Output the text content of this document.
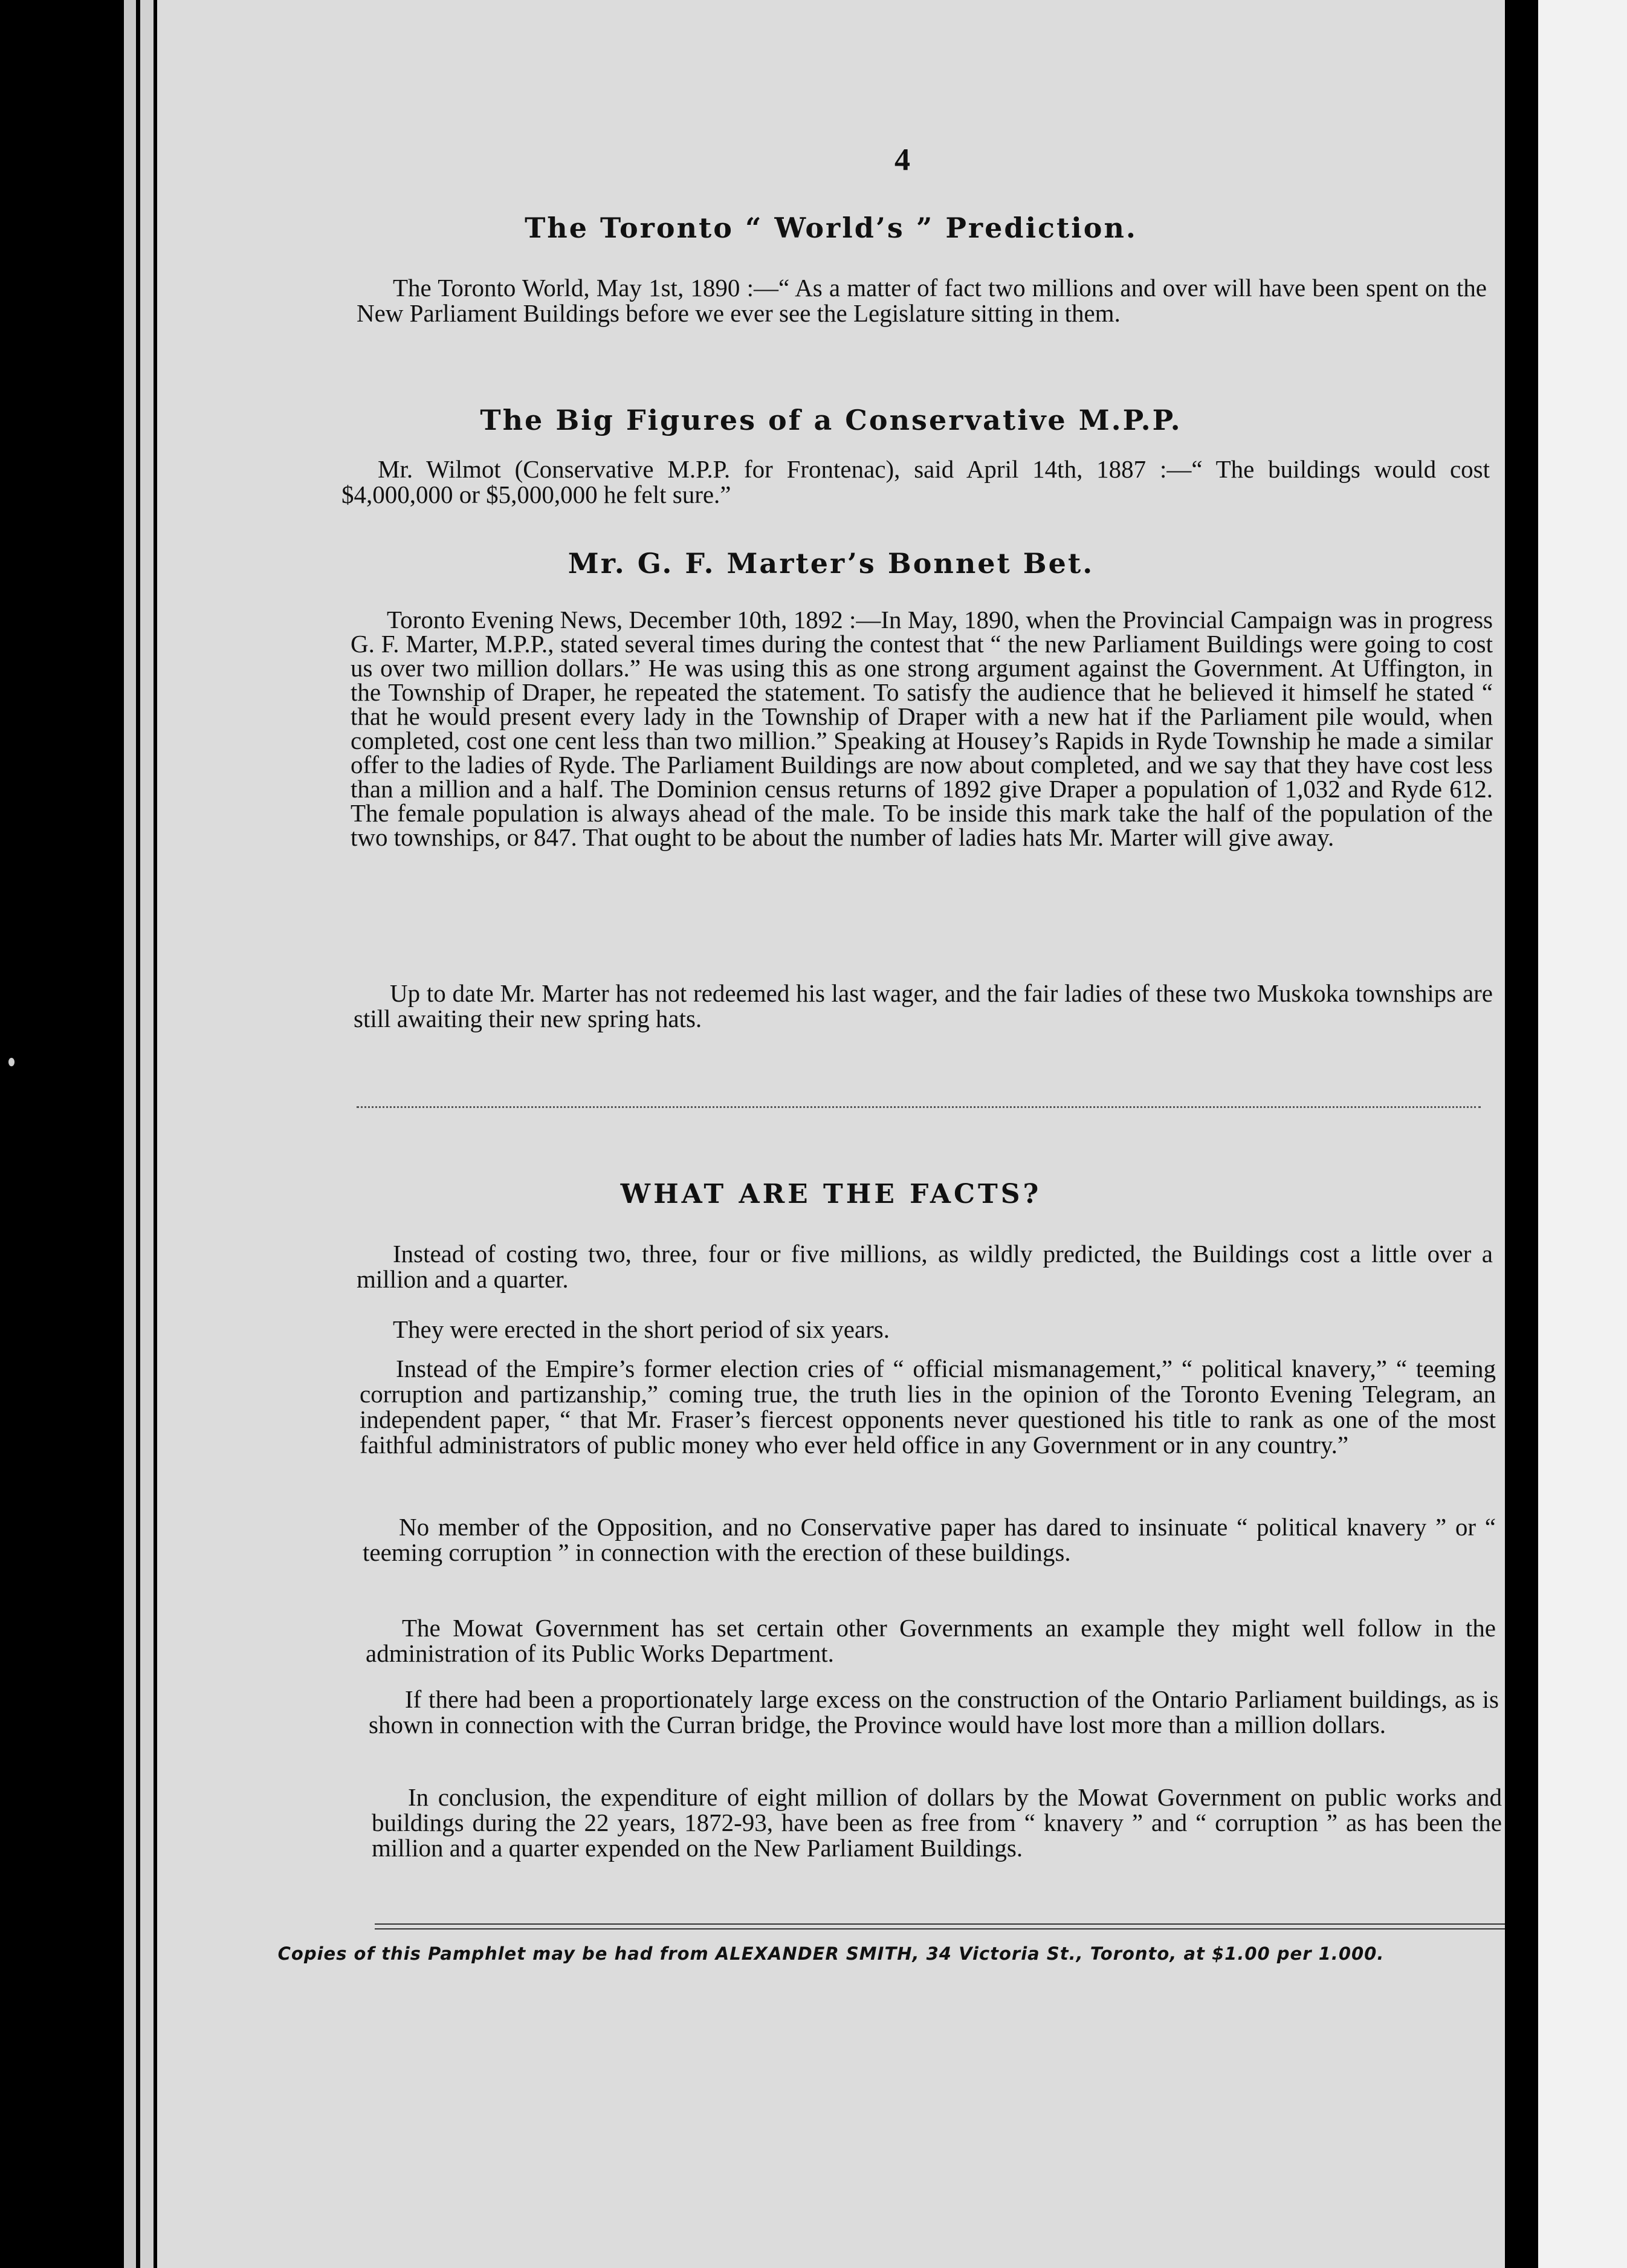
4
The Toronto “ World’s ” Prediction.

The Toronto World, May 1st, 1890 :—“ As a matter of fact two millions and over will have been spent on the New Parliament Buildings before we ever see the Legislature sitting in them.

The Big Figures of a Conservative M.P.P.

Mr. Wilmot (Conservative M.P.P. for Frontenac), said April 14th, 1887 :—“ The buildings would cost $4,000,000 or $5,000,000 he felt sure.”

Mr. G. F. Marter’s Bonnet Bet.

Toronto Evening News, December 10th, 1892 :—In May, 1890, when the Provincial Campaign was in progress G. F. Marter, M.P.P., stated several times during the contest that “ the new Parliament Buildings were going to cost us over two million dollars.” He was using this as one strong argument against the Government. At Uffington, in the Township of Draper, he repeated the statement. To satisfy the audience that he believed it himself he stated “ that he would present every lady in the Township of Draper with a new hat if the Parliament pile would, when completed, cost one cent less than two million.” Speaking at Housey’s Rapids in Ryde Township he made a similar offer to the ladies of Ryde. The Parliament Buildings are now about completed, and we say that they have cost less than a million and a half. The Dominion census returns of 1892 give Draper a population of 1,032 and Ryde 612. The female population is always ahead of the male. To be inside this mark take the half of the population of the two townships, or 847. That ought to be about the number of ladies hats Mr. Marter will give away.

Up to date Mr. Marter has not redeemed his last wager, and the fair ladies of these two Muskoka townships are still awaiting their new spring hats.

WHAT ARE THE FACTS?

Instead of costing two, three, four or five millions, as wildly predicted, the Buildings cost a little over a million and a quarter.

They were erected in the short period of six years.

Instead of the Empire’s former election cries of “ official mismanagement,” “ political knavery,” “ teeming corruption and partizanship,” coming true, the truth lies in the opinion of the Toronto Evening Telegram, an independent paper, “ that Mr. Fraser’s fiercest opponents never questioned his title to rank as one of the most faithful administrators of public money who ever held office in any Government or in any country.”

No member of the Opposition, and no Conservative paper has dared to insinuate “ political knavery ” or “ teeming corruption ” in connection with the erection of these buildings.

The Mowat Government has set certain other Governments an example they might well follow in the administration of its Public Works Department.

If there had been a proportionately large excess on the construction of the Ontario Parliament buildings, as is shown in connection with the Curran bridge, the Province would have lost more than a million dollars.

In conclusion, the expenditure of eight million of dollars by the Mowat Government on public works and buildings during the 22 years, 1872-93, have been as free from “ knavery ” and “ corruption ” as has been the million and a quarter expended on the New Parliament Buildings.

Copies of this Pamphlet may be had from ALEXANDER SMITH, 34 Victoria St., Toronto, at $1.00 per 1.000.
